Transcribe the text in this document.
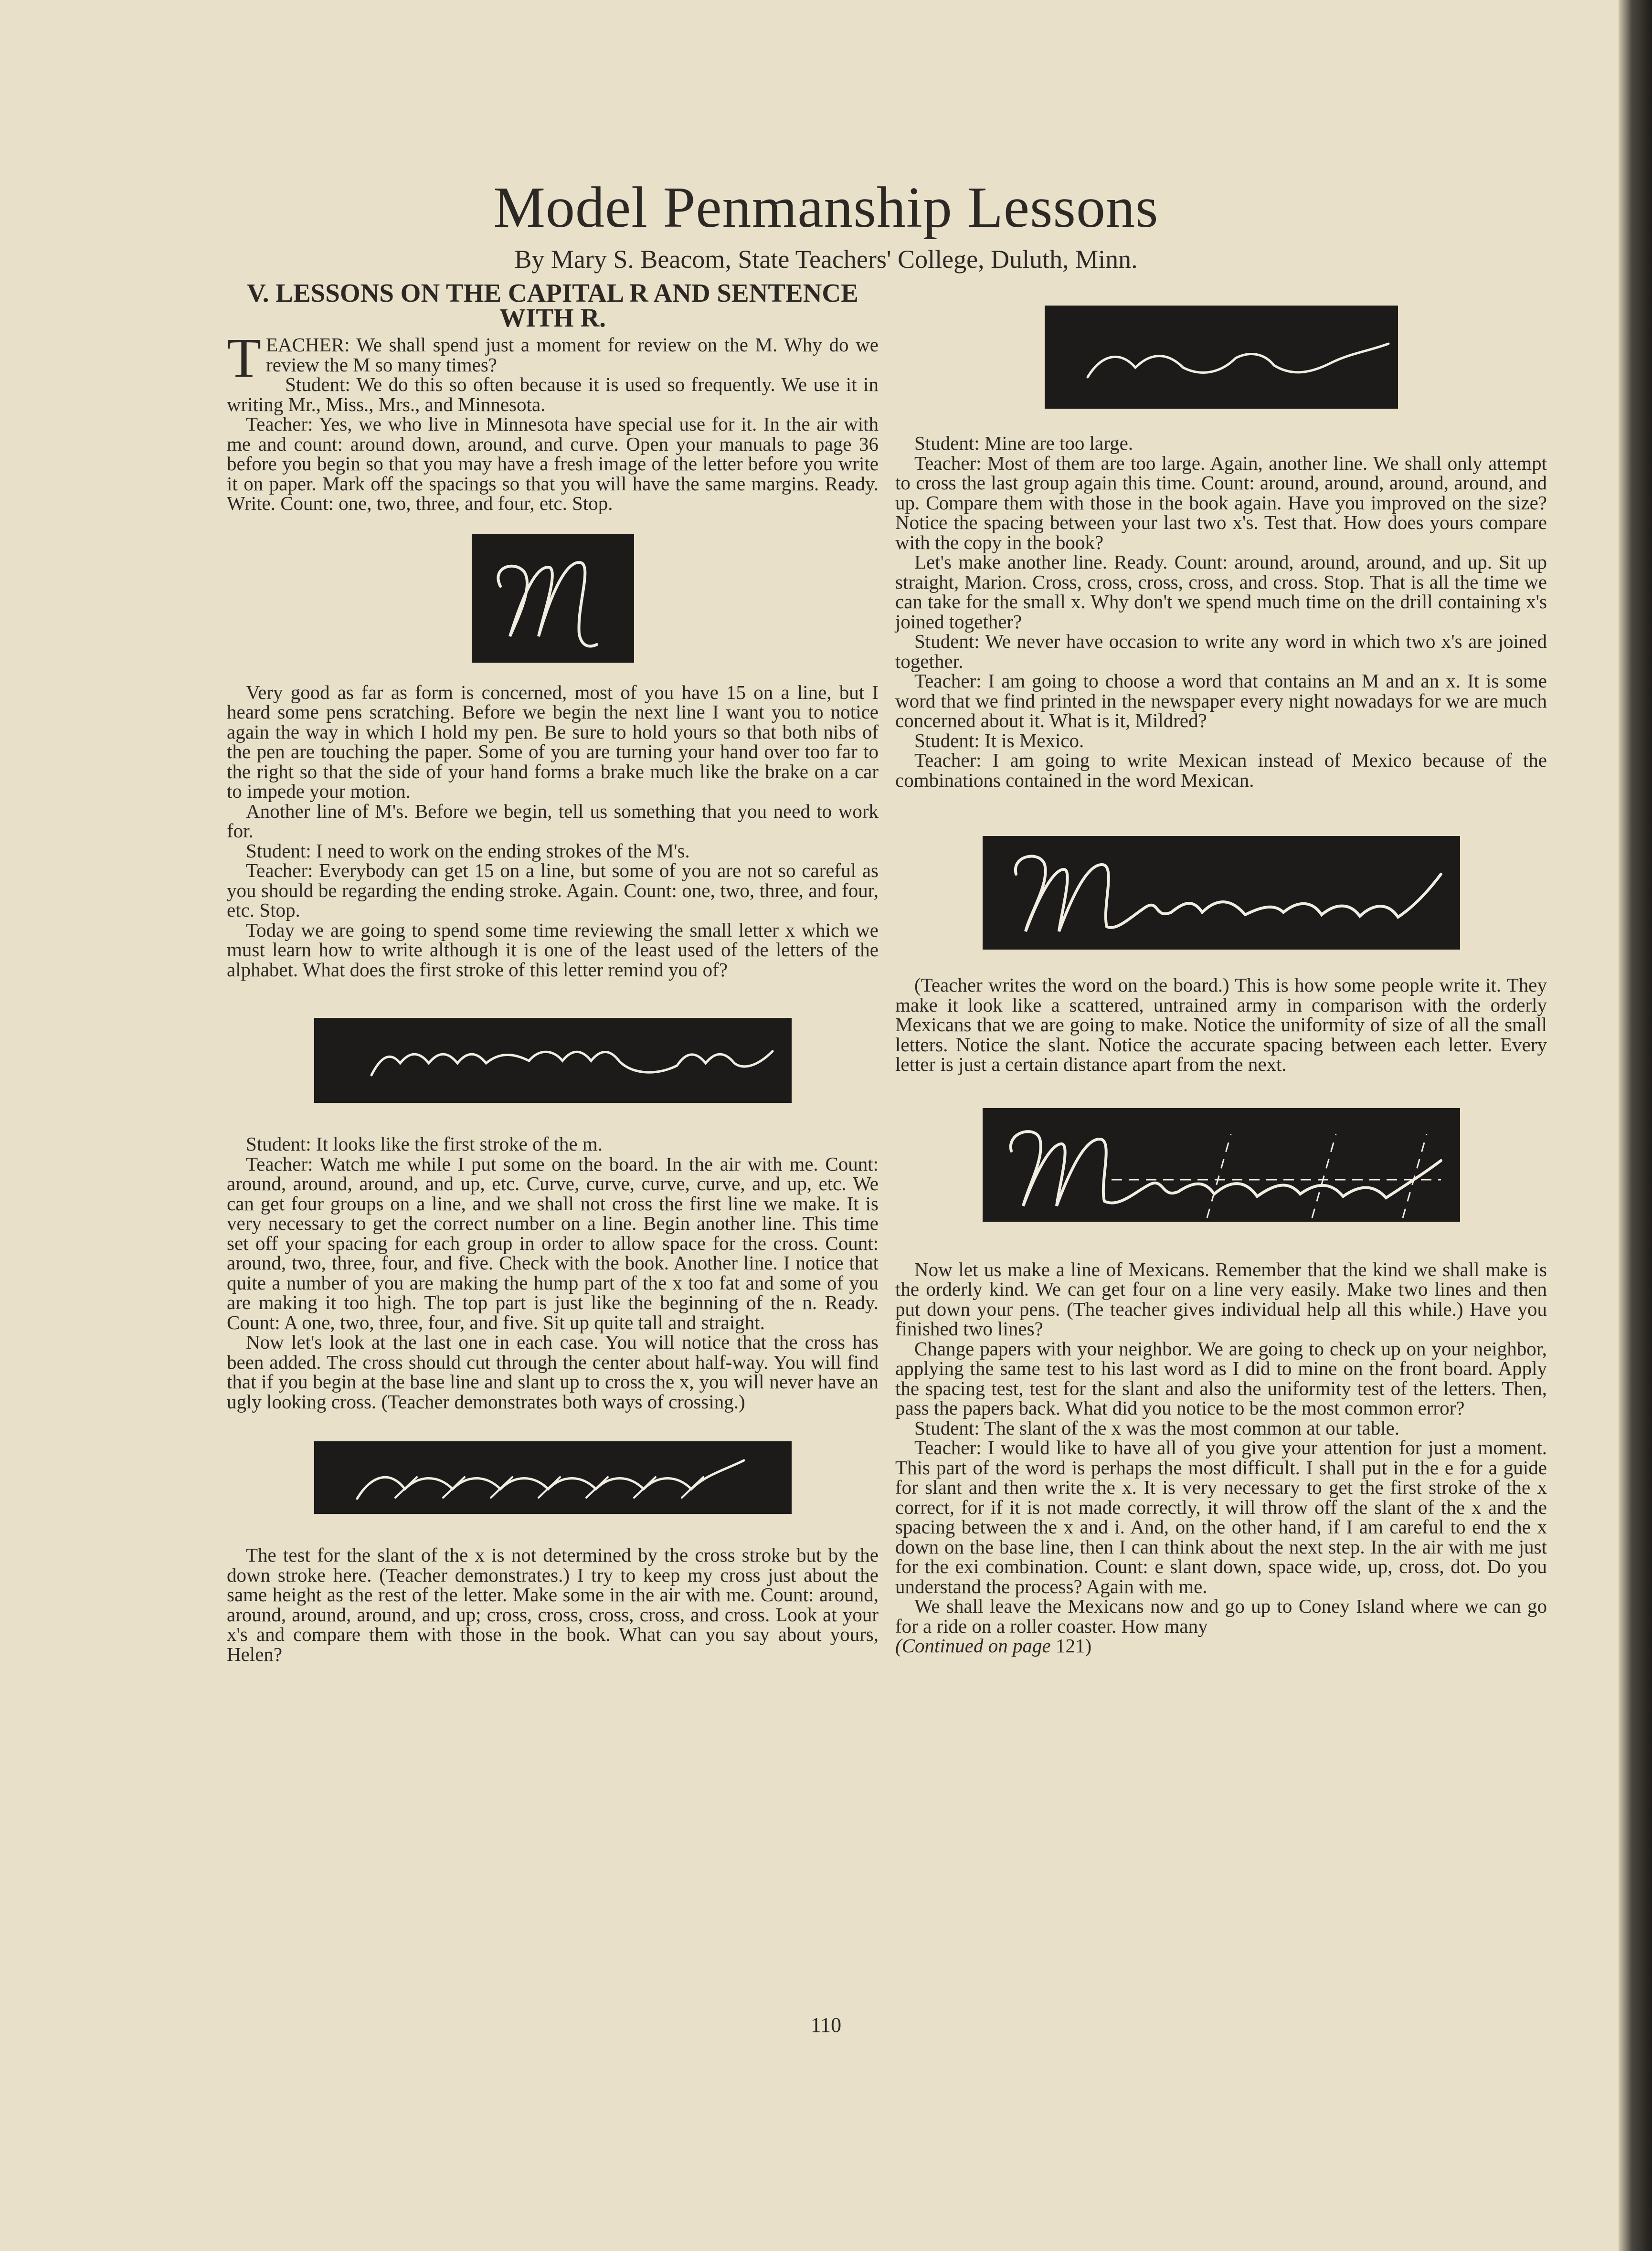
Model Penmanship Lessons
By Mary S. Beacom, State Teachers' College, Duluth, Minn.
V. LESSONS ON THE CAPITAL R AND SENTENCE WITH R.

TEACHER: We shall spend just a moment for review on the M. Why do we review the M so many times?

Student: We do this so often because it is used so frequently. We use it in writing Mr., Miss., Mrs., and Minnesota.

Teacher: Yes, we who live in Minnesota have special use for it. In the air with me and count: around down, around, and curve. Open your manuals to page 36 before you begin so that you may have a fresh image of the letter before you write it on paper. Mark off the spacings so that you will have the same margins. Ready. Write. Count: one, two, three, and four, etc. Stop.

Very good as far as form is concerned, most of you have 15 on a line, but I heard some pens scratching. Before we begin the next line I want you to notice again the way in which I hold my pen. Be sure to hold yours so that both nibs of the pen are touching the paper. Some of you are turning your hand over too far to the right so that the side of your hand forms a brake much like the brake on a car to impede your motion.

Another line of M's. Before we begin, tell us something that you need to work for.

Student: I need to work on the ending strokes of the M's.

Teacher: Everybody can get 15 on a line, but some of you are not so careful as you should be regarding the ending stroke. Again. Count: one, two, three, and four, etc. Stop.

Today we are going to spend some time reviewing the small letter x which we must learn how to write although it is one of the least used of the letters of the alphabet. What does the first stroke of this letter remind you of?

Student: It looks like the first stroke of the m.

Teacher: Watch me while I put some on the board. In the air with me. Count: around, around, around, and up, etc. Curve, curve, curve, curve, and up, etc. We can get four groups on a line, and we shall not cross the first line we make. It is very necessary to get the correct number on a line. Begin another line. This time set off your spacing for each group in order to allow space for the cross. Count: around, two, three, four, and five. Check with the book. Another line. I notice that quite a number of you are making the hump part of the x too fat and some of you are making it too high. The top part is just like the beginning of the n. Ready. Count: A one, two, three, four, and five. Sit up quite tall and straight.

Now let's look at the last one in each case. You will notice that the cross has been added. The cross should cut through the center about half-way. You will find that if you begin at the base line and slant up to cross the x, you will never have an ugly looking cross. (Teacher demonstrates both ways of crossing.)

The test for the slant of the x is not determined by the cross stroke but by the down stroke here. (Teacher demonstrates.) I try to keep my cross just about the same height as the rest of the letter. Make some in the air with me. Count: around, around, around, around, and up; cross, cross, cross, cross, and cross. Look at your x's and compare them with those in the book. What can you say about yours, Helen?

Student: Mine are too large.

Teacher: Most of them are too large. Again, another line. We shall only attempt to cross the last group again this time. Count: around, around, around, around, and up. Compare them with those in the book again. Have you improved on the size? Notice the spacing between your last two x's. Test that. How does yours compare with the copy in the book?

Let's make another line. Ready. Count: around, around, around, and up. Sit up straight, Marion. Cross, cross, cross, cross, and cross. Stop. That is all the time we can take for the small x. Why don't we spend much time on the drill containing x's joined together?

Student: We never have occasion to write any word in which two x's are joined together.

Teacher: I am going to choose a word that contains an M and an x. It is some word that we find printed in the newspaper every night nowadays for we are much concerned about it. What is it, Mildred?

Student: It is Mexico.

Teacher: I am going to write Mexican instead of Mexico because of the combinations contained in the word Mexican.

(Teacher writes the word on the board.) This is how some people write it. They make it look like a scattered, untrained army in comparison with the orderly Mexicans that we are going to make. Notice the uniformity of size of all the small letters. Notice the slant. Notice the accurate spacing between each letter. Every letter is just a certain distance apart from the next.

Now let us make a line of Mexicans. Remember that the kind we shall make is the orderly kind. We can get four on a line very easily. Make two lines and then put down your pens. (The teacher gives individual help all this while.) Have you finished two lines?

Change papers with your neighbor. We are going to check up on your neighbor, applying the same test to his last word as I did to mine on the front board. Apply the spacing test, test for the slant and also the uniformity test of the letters. Then, pass the papers back. What did you notice to be the most common error?

Student: The slant of the x was the most common at our table.

Teacher: I would like to have all of you give your attention for just a moment. This part of the word is perhaps the most difficult. I shall put in the e for a guide for slant and then write the x. It is very necessary to get the first stroke of the x correct, for if it is not made correctly, it will throw off the slant of the x and the spacing between the x and i. And, on the other hand, if I am careful to end the x down on the base line, then I can think about the next step. In the air with me just for the exi combination. Count: e slant down, space wide, up, cross, dot. Do you understand the process? Again with me.

We shall leave the Mexicans now and go up to Coney Island where we can go for a ride on a roller coaster. How many

(Continued on page 121)

110
